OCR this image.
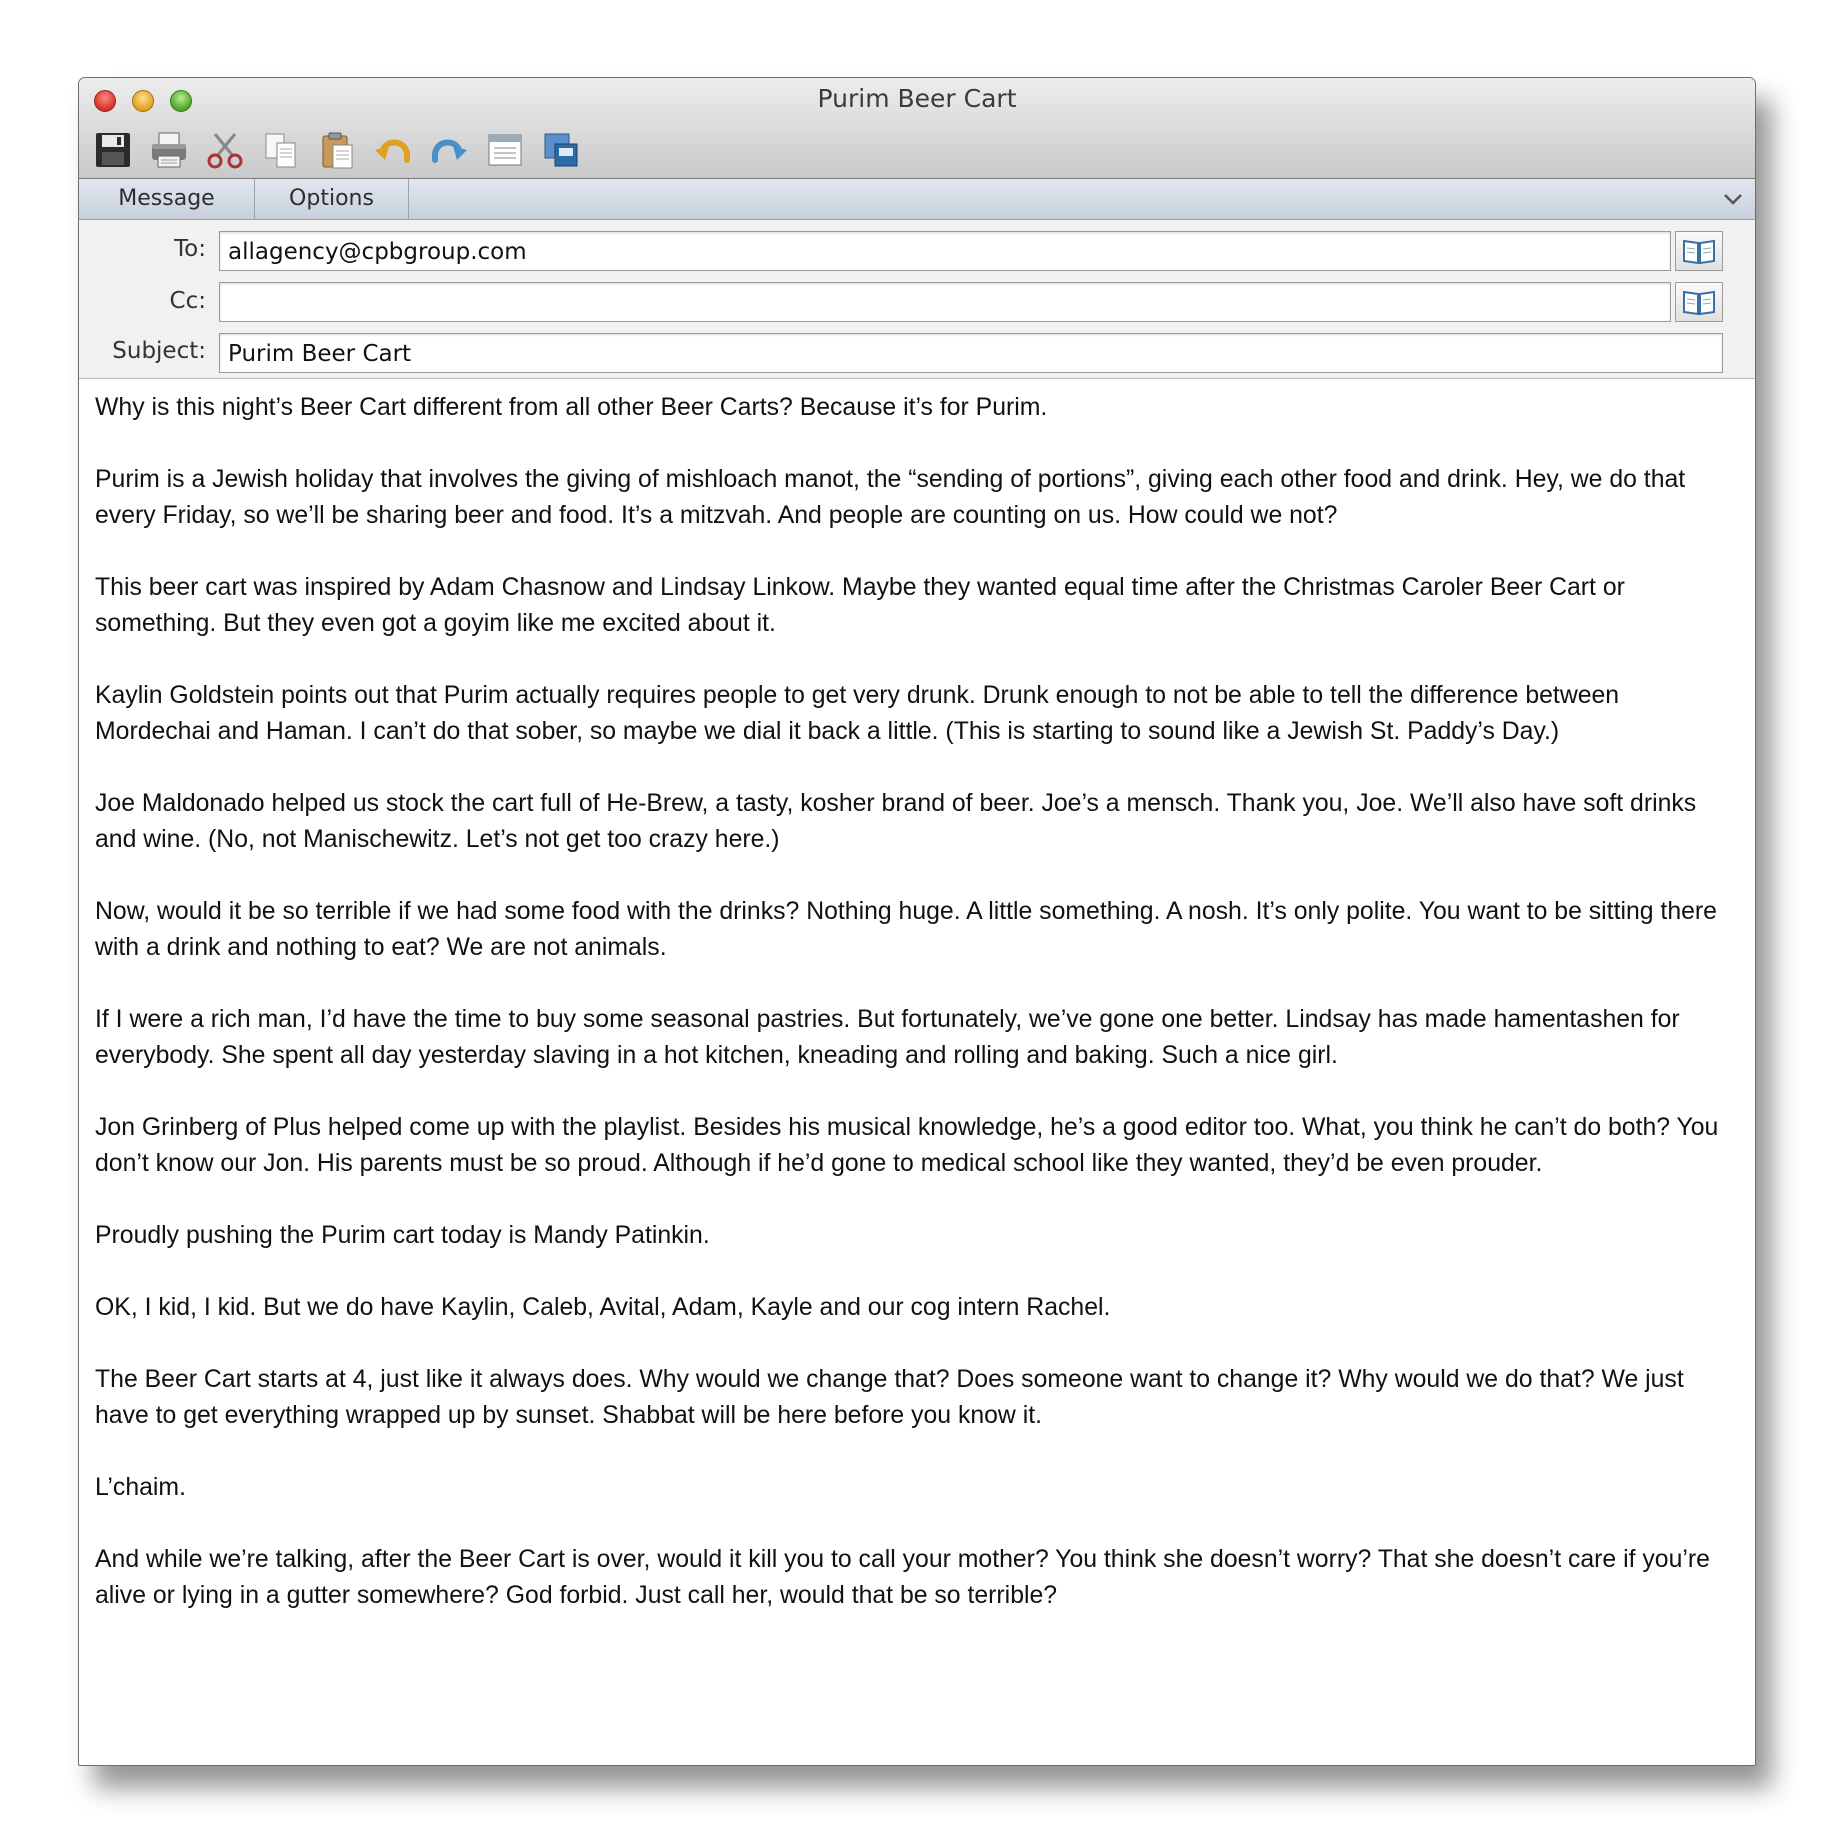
Purim Beer Cart
Message	Options
To: allagency@cpbgroup.com
Cc:
Subject: Purim Beer Cart

Why is this night’s Beer Cart different from all other Beer Carts? Because it’s for Purim.

Purim is a Jewish holiday that involves the giving of mishloach manot, the “sending of portions”, giving each other food and drink. Hey, we do that every Friday, so we’ll be sharing beer and food. It’s a mitzvah. And people are counting on us. How could we not?

This beer cart was inspired by Adam Chasnow and Lindsay Linkow. Maybe they wanted equal time after the Christmas Caroler Beer Cart or something. But they even got a goyim like me excited about it.

Kaylin Goldstein points out that Purim actually requires people to get very drunk. Drunk enough to not be able to tell the difference between Mordechai and Haman. I can’t do that sober, so maybe we dial it back a little. (This is starting to sound like a Jewish St. Paddy’s Day.)

Joe Maldonado helped us stock the cart full of He-Brew, a tasty, kosher brand of beer. Joe’s a mensch. Thank you, Joe. We’ll also have soft drinks and wine. (No, not Manischewitz. Let’s not get too crazy here.)

Now, would it be so terrible if we had some food with the drinks? Nothing huge. A little something. A nosh. It’s only polite. You want to be sitting there with a drink and nothing to eat? We are not animals.

If I were a rich man, I’d have the time to buy some seasonal pastries. But fortunately, we’ve gone one better. Lindsay has made hamentashen for everybody. She spent all day yesterday slaving in a hot kitchen, kneading and rolling and baking. Such a nice girl.

Jon Grinberg of Plus helped come up with the playlist. Besides his musical knowledge, he’s a good editor too. What, you think he can’t do both? You don’t know our Jon. His parents must be so proud. Although if he’d gone to medical school like they wanted, they’d be even prouder.

Proudly pushing the Purim cart today is Mandy Patinkin.

OK, I kid, I kid. But we do have Kaylin, Caleb, Avital, Adam, Kayle and our cog intern Rachel.

The Beer Cart starts at 4, just like it always does. Why would we change that? Does someone want to change it? Why would we do that? We just have to get everything wrapped up by sunset. Shabbat will be here before you know it.

L’chaim.

And while we’re talking, after the Beer Cart is over, would it kill you to call your mother? You think she doesn’t worry? That she doesn’t care if you’re alive or lying in a gutter somewhere? God forbid. Just call her, would that be so terrible?
